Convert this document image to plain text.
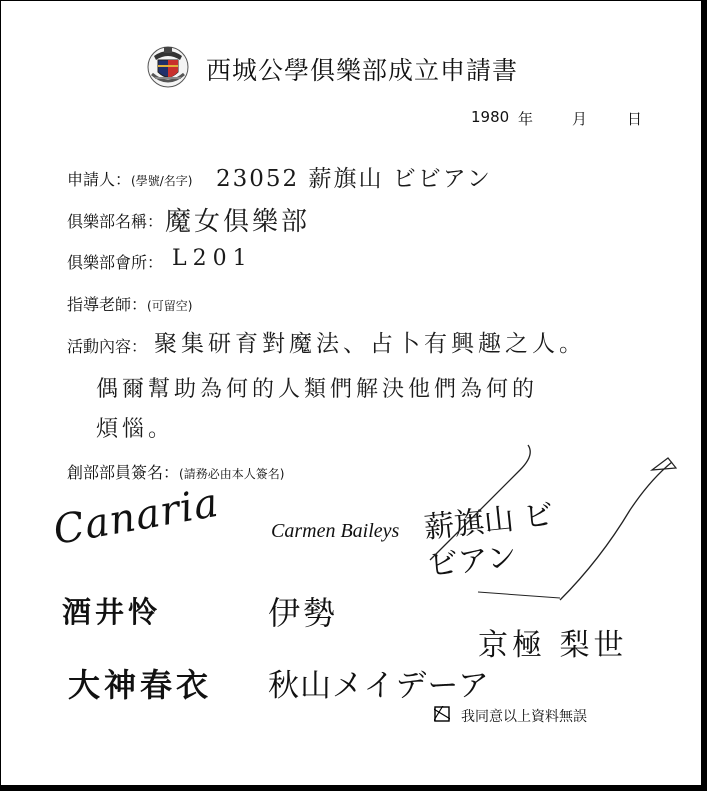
西城公學俱樂部成立申請書
1980 年	月	日
申請人：(學號/名字) 23052 薪旗山 ビビアン
俱樂部名稱： 魔女俱樂部
俱樂部會所： L201
指導老師：(可留空)
活動內容： 聚集研育對魔法、占卜有興趣之人。
偶爾幫助為何的人類們解決他們為何的
煩惱。
創部部員簽名：(請務必由本人簽名)
Canaria Carmen Baileys 薪旗山 ビビアン
酒井怜	伊勢
京極 梨世
大神春衣 秋山メイデーア
我同意以上資料無誤
